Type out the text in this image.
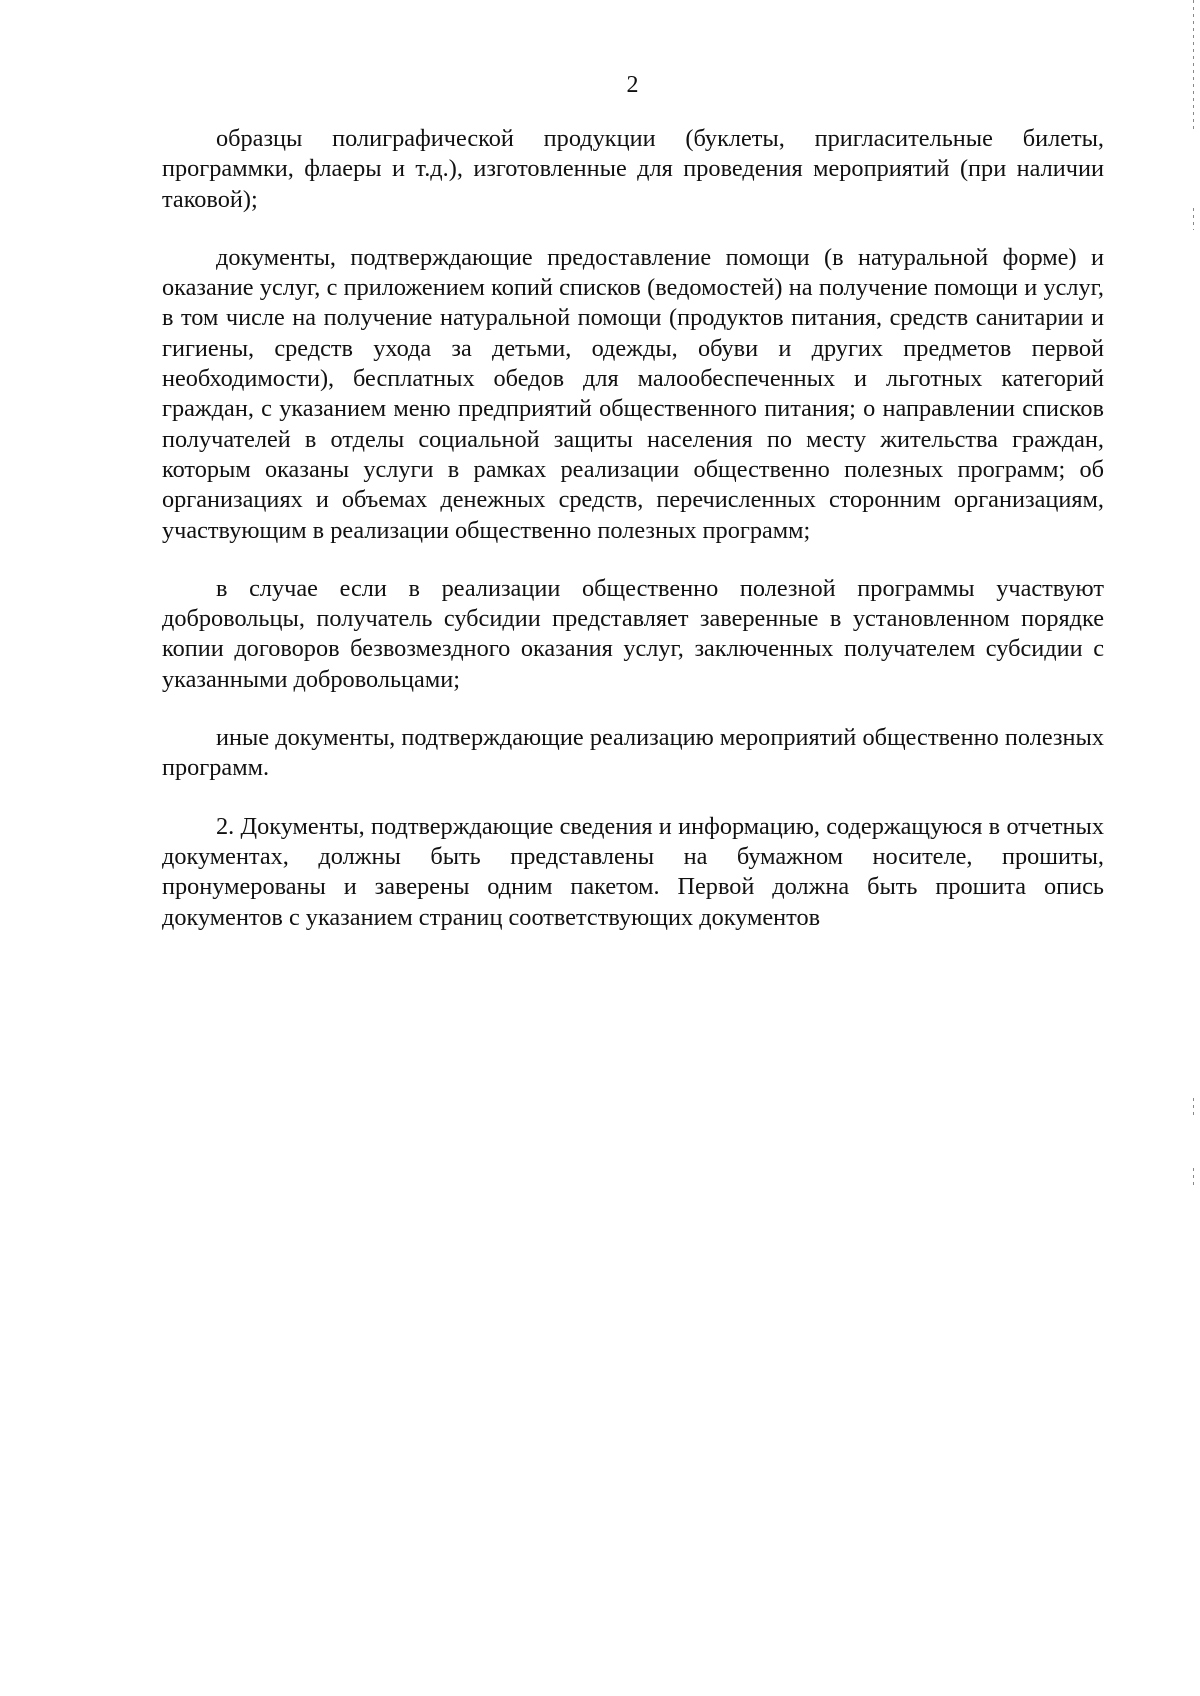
2

образцы полиграфической продукции (буклеты, пригласительные билеты, программки, флаеры и т.д.), изготовленные для проведения мероприятий (при наличии таковой);

документы, подтверждающие предоставление помощи (в натуральной форме) и оказание услуг, с приложением копий списков (ведомостей) на получение помощи и услуг, в том числе на получение натуральной помощи (продуктов питания, средств санитарии и гигиены, средств ухода за детьми, одежды, обуви и других предметов первой необходимости), бесплатных обедов для малообеспеченных и льготных категорий граждан, с указанием меню предприятий общественного питания; о направлении списков получателей в отделы социальной защиты населения по месту жительства граждан, которым оказаны услуги в рамках реализации общественно полезных программ; об организациях и объемах денежных средств, перечисленных сторонним организациям, участвующим в реализации общественно полезных программ;

в случае если в реализации общественно полезной программы участвуют добровольцы, получатель субсидии представляет заверенные в установленном порядке копии договоров безвозмездного оказания услуг, заключенных получателем субсидии с указанными добровольцами;

иные документы, подтверждающие реализацию мероприятий общественно полезных программ.

2. Документы, подтверждающие сведения и информацию, содержащуюся в отчетных документах, должны быть представлены на бумажном носителе, прошиты, пронумерованы и заверены одним пакетом. Первой должна быть прошита опись документов с указанием страниц соответствующих документов
